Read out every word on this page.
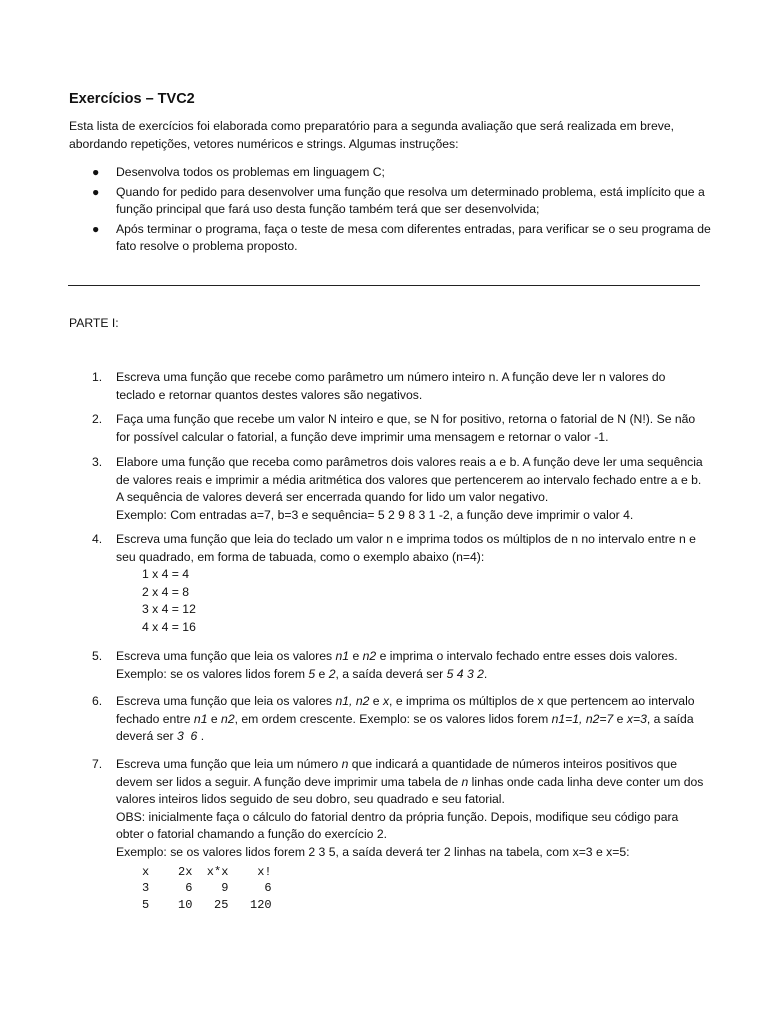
Exercícios – TVC2
Esta lista de exercícios foi elaborada como preparatório para a segunda avaliação que será realizada em breve, abordando repetições, vetores numéricos e strings. Algumas instruções:
● Desenvolva todos os problemas em linguagem C;
● Quando for pedido para desenvolver uma função que resolva um determinado problema, está implícito que a função principal que fará uso desta função também terá que ser desenvolvida;
● Após terminar o programa, faça o teste de mesa com diferentes entradas, para verificar se o seu programa de fato resolve o problema proposto.
PARTE I:
1. Escreva uma função que recebe como parâmetro um número inteiro n. A função deve ler n valores do teclado e retornar quantos destes valores são negativos.

2. Faça uma função que recebe um valor N inteiro e que, se N for positivo, retorna o fatorial de N (N!). Se não for possível calcular o fatorial, a função deve imprimir uma mensagem e retornar o valor -1.

3. Elabore uma função que receba como parâmetros dois valores reais a e b. A função deve ler uma sequência de valores reais e imprimir a média aritmética dos valores que pertencerem ao intervalo fechado entre a e b. A sequência de valores deverá ser encerrada quando for lido um valor negativo.

Exemplo: Com entradas a=7, b=3 e sequência= 5 2 9 8 3 1 -2, a função deve imprimir o valor 4.

4. Escreva uma função que leia do teclado um valor n e imprima todos os múltiplos de n no intervalo entre n e seu quadrado, em forma de tabuada, como o exemplo abaixo (n=4):

1 x 4 = 4
2 x 4 = 8
3 x 4 = 12
4 x 4 = 16
5. Escreva uma função que leia os valores n1 e n2 e imprima o intervalo fechado entre esses dois valores. Exemplo: se os valores lidos forem 5 e 2, a saída deverá ser 5 4 3 2.

6. Escreva uma função que leia os valores n1, n2 e x, e imprima os múltiplos de x que pertencem ao intervalo fechado entre n1 e n2, em ordem crescente. Exemplo: se os valores lidos forem n1=1, n2=7 e x=3, a saída deverá ser 3  6 .

7. Escreva uma função que leia um número n que indicará a quantidade de números inteiros positivos que devem ser lidos a seguir. A função deve imprimir uma tabela de n linhas onde cada linha deve conter um dos valores inteiros lidos seguido de seu dobro, seu quadrado e seu fatorial.

OBS: inicialmente faça o cálculo do fatorial dentro da própria função. Depois, modifique seu código para obter o fatorial chamando a função do exercício 2.

Exemplo: se os valores lidos forem 2 3 5, a saída deverá ter 2 linhas na tabela, com x=3 e x=5:

x    2x  x*x    x!
3     6    9     6
5    10   25   120
